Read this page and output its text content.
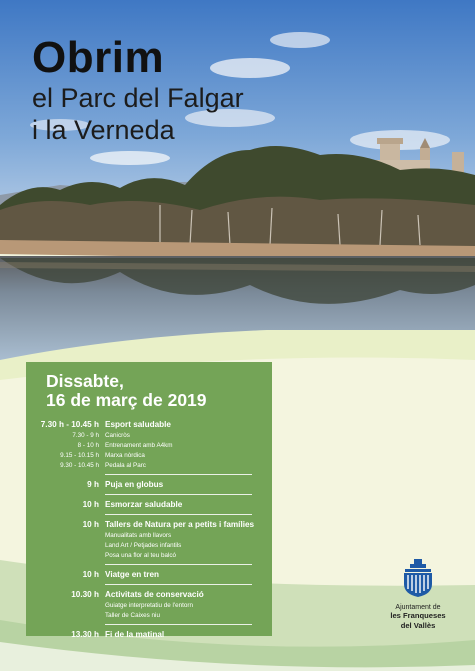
Obrim
el Parc del Falgar
i la Verneda
Dissabte,
16 de març de 2019
7.30 h - 10.45 h Esport saludable
7.30 - 9 h Canicròs
8 - 10 h Entrenament amb A4km
9.15 - 10.15 h Marxa nòrdica
9.30 - 10.45 h Pedala al Parc
9 h Puja en globus
10 h Esmorzar saludable
10 h Tallers de Natura per a petits i famílies
Manualitats amb llavors
Land Art / Petjades infantils
Posa una flor al teu balcó
10 h Viatge en tren
10.30 h Activitats de conservació
Guiatge interpretatiu de l'entorn
Taller de Caixes niu
13.30 h Fi de la matinal
Ajuntament de
les Franqueses
del Vallès
